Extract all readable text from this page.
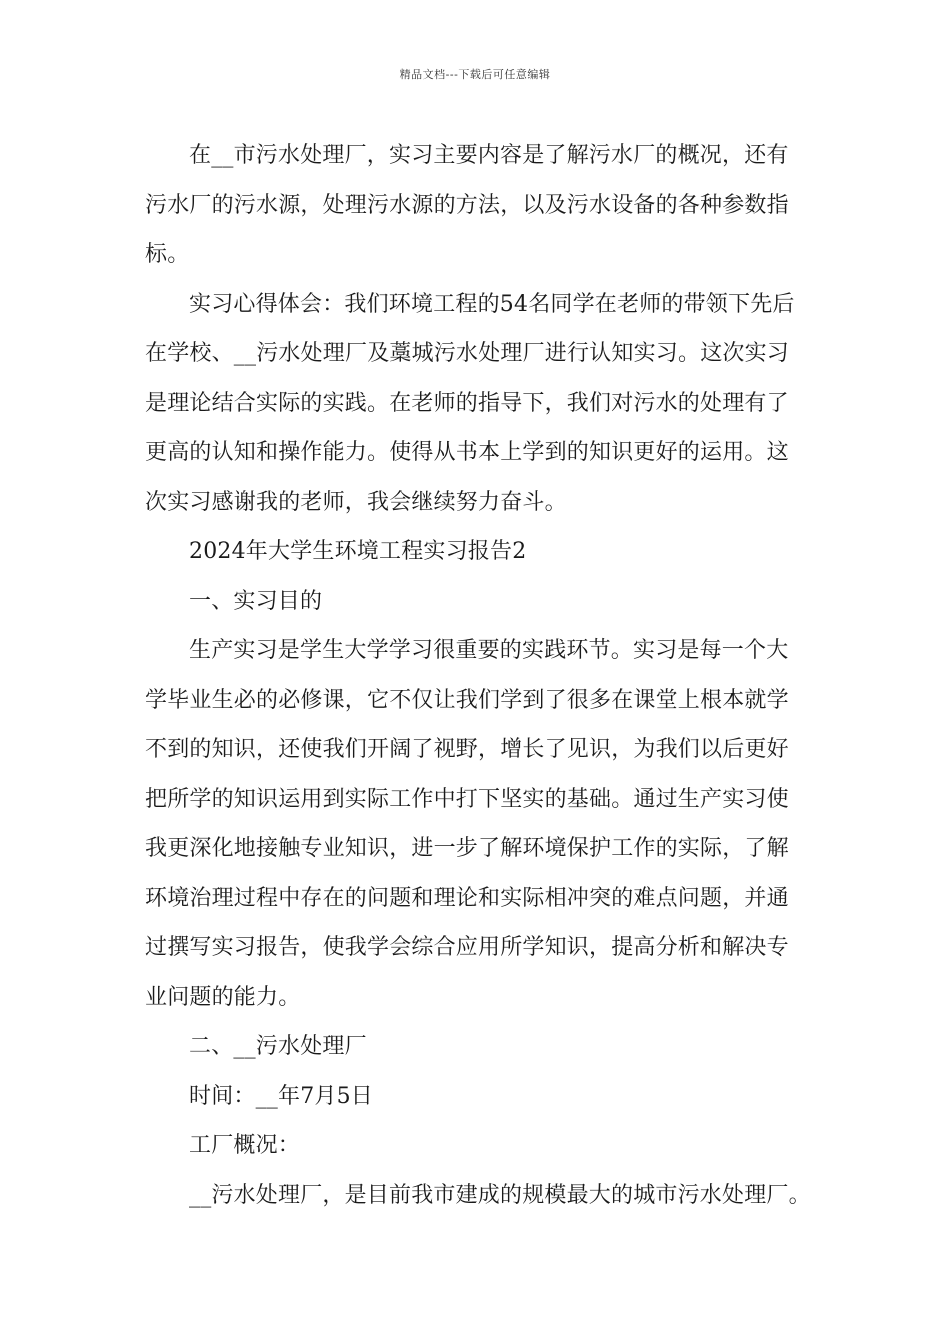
精品文档---下载后可任意编辑
在__市污水处理厂，实习主要内容是了解污水厂的概况，还有
污水厂的污水源，处理污水源的方法，以及污水设备的各种参数指
标。
实习心得体会：我们环境工程的54名同学在老师的带领下先后
在学校、__污水处理厂及藁城污水处理厂进行认知实习。这次实习
是理论结合实际的实践。在老师的指导下，我们对污水的处理有了
更高的认知和操作能力。使得从书本上学到的知识更好的运用。这
次实习感谢我的老师，我会继续努力奋斗。
2024年大学生环境工程实习报告2
一、实习目的
生产实习是学生大学学习很重要的实践环节。实习是每一个大
学毕业生必的必修课，它不仅让我们学到了很多在课堂上根本就学
不到的知识，还使我们开阔了视野，增长了见识，为我们以后更好
把所学的知识运用到实际工作中打下坚实的基础。通过生产实习使
我更深化地接触专业知识，进一步了解环境保护工作的实际，了解
环境治理过程中存在的问题和理论和实际相冲突的难点问题，并通
过撰写实习报告，使我学会综合应用所学知识，提高分析和解决专
业问题的能力。
二、__污水处理厂
时间：__年7月5日
工厂概况：
__污水处理厂，是目前我市建成的规模最大的城市污水处理厂。
